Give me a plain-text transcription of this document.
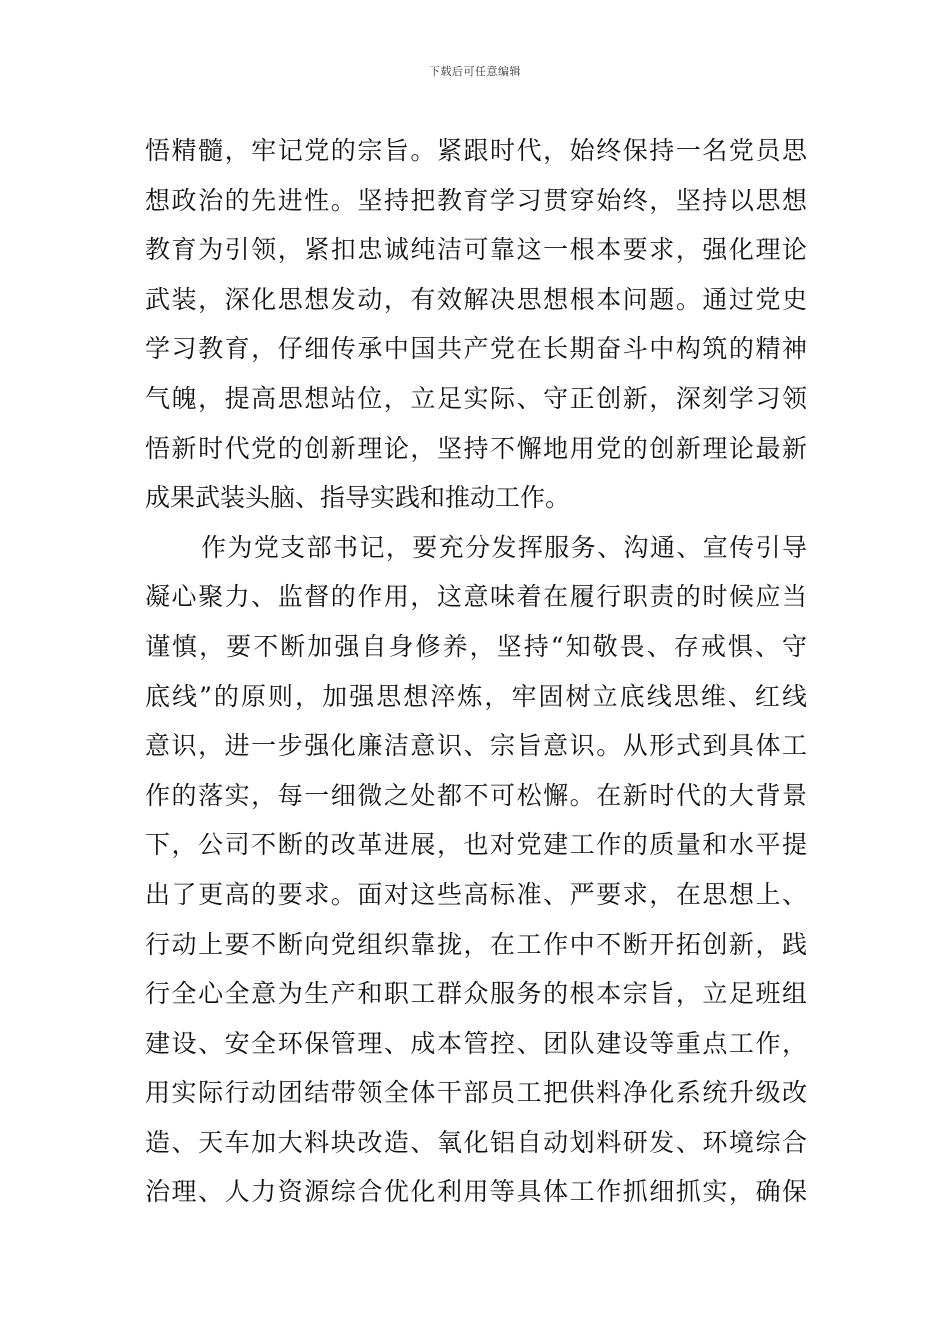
下载后可任意编辑
悟精髓，牢记党的宗旨。紧跟时代，始终保持一名党员思
想政治的先进性。坚持把教育学习贯穿始终，坚持以思想
教育为引领，紧扣忠诚纯洁可靠这一根本要求，强化理论
武装，深化思想发动，有效解决思想根本问题。通过党史
学习教育，仔细传承中国共产党在长期奋斗中构筑的精神
气魄，提高思想站位，立足实际、守正创新，深刻学习领
悟新时代党的创新理论，坚持不懈地用党的创新理论最新
成果武装头脑、指导实践和推动工作。
作为党支部书记，要充分发挥服务、沟通、宣传引导
凝心聚力、监督的作用，这意味着在履行职责的时候应当
谨慎，要不断加强自身修养，坚持“知敬畏、存戒惧、守
底线”的原则，加强思想淬炼，牢固树立底线思维、红线
意识，进一步强化廉洁意识、宗旨意识。从形式到具体工
作的落实，每一细微之处都不可松懈。在新时代的大背景
下，公司不断的改革进展，也对党建工作的质量和水平提
出了更高的要求。面对这些高标准、严要求，在思想上、
行动上要不断向党组织靠拢，在工作中不断开拓创新，践
行全心全意为生产和职工群众服务的根本宗旨，立足班组
建设、安全环保管理、成本管控、团队建设等重点工作，
用实际行动团结带领全体干部员工把供料净化系统升级改
造、天车加大料块改造、氧化铝自动划料研发、环境综合
治理、人力资源综合优化利用等具体工作抓细抓实，确保
